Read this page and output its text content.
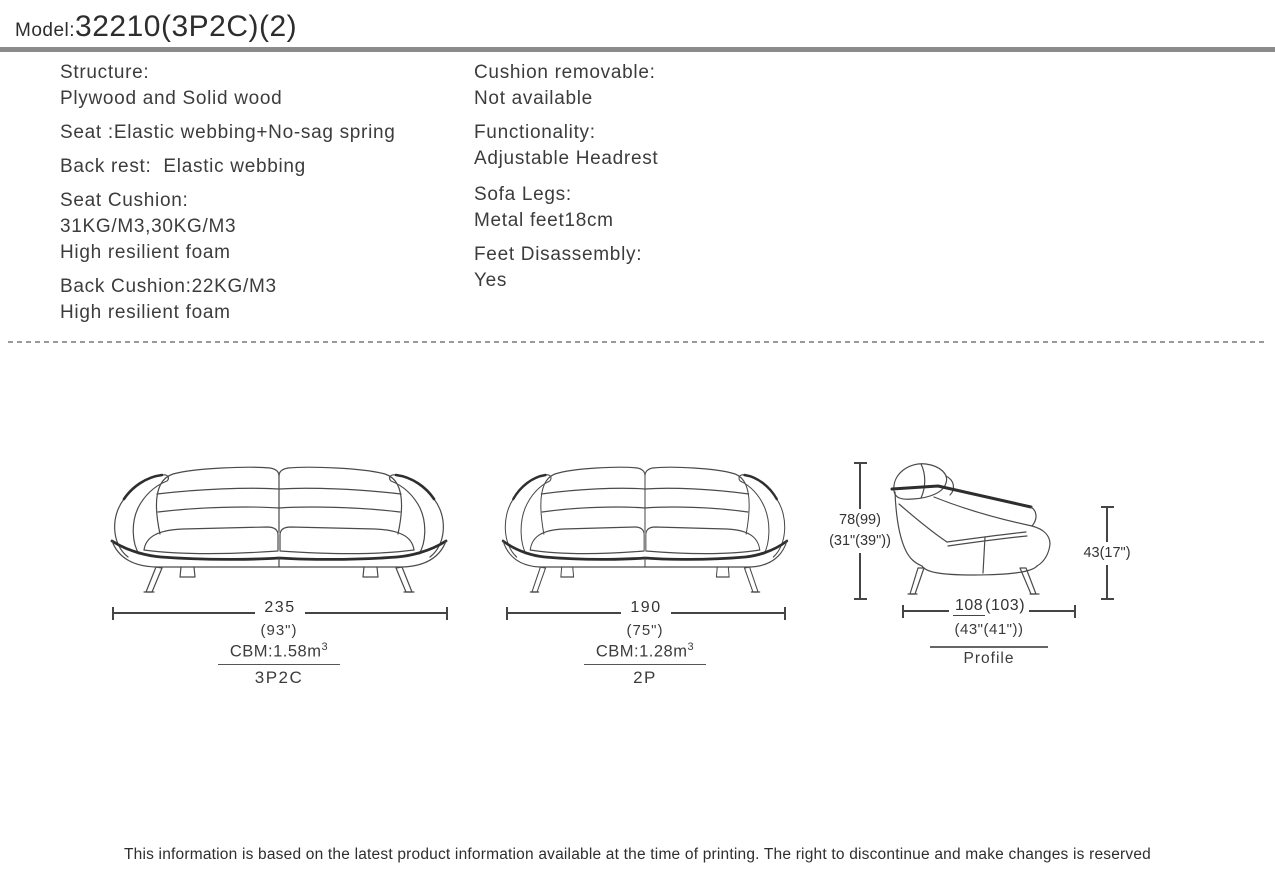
Model: 32210(3P2C)(2)
Structure:
Plywood and Solid wood
Seat :Elastic webbing+No-sag spring
Back rest:  Elastic webbing
Seat Cushion:
31KG/M3,30KG/M3
High resilient foam
Back Cushion:22KG/M3
High resilient foam
Cushion removable:
Not available
Functionality:
Adjustable Headrest
Sofa Legs:
Metal feet18cm
Feet Disassembly:
Yes
235
(93")
$CBM:1.58m^3$
3P2C
190
(75")
$CBM:1.28m^3$
2P
78(99)
(31"(39"))
43(17")
108 (103)
(43"(41"))
Profile
This information is based on the latest product information available at the time of printing. The right to discontinue and make changes is reserved
